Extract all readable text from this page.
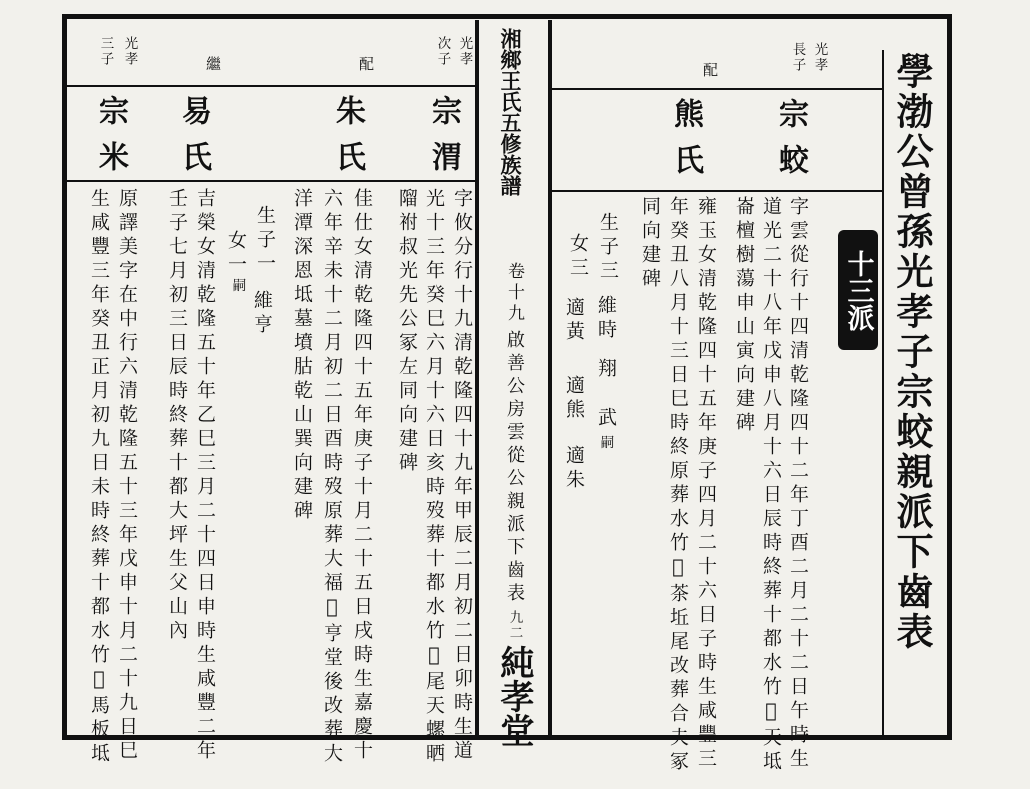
學渤公曾孫光孝子宗蛟親派下齒表
十三派
光孝
長子
宗蛟
字雲從行十四清乾隆四十二年丁酉二月二十二日午時生
道光二十八年戊申八月十六日辰時終葬十都水竹𪧫天坻
崙檀樹蕩申山寅向建碑
配
熊氏
雍玉女清乾隆四十五年庚子四月二十六日子時生咸豐三
年癸丑八月十三日巳時終原葬水竹𪧫茶坵尾改葬合夫冢
同向建碑
生子三
維時
翔
武
嗣
女三
適黃
適熊
適朱
湘鄉王氏五修族譜
卷十九
啟善公房雲從公親派下齒表
九二
純孝堂
光孝
次子
宗渭
字攸分行十九清乾隆四十九年甲辰二月初二日卯時生道
光十三年癸巳六月十六日亥時歿葬十都水竹𪧫尾天螺晒
𨻧祔叔光先公冢左同向建碑
配
朱氏
佳仕女清乾隆四十五年庚子十月二十五日戌時生嘉慶十
六年辛未十二月初二日酉時歿原葬大福𪧫亨堂後改葬大
洋潭深恩坻墓墳𦙶乾山巽向建碑
生子一
維亨
女一
嗣
繼
易氏
吉榮女清乾隆五十年乙巳三月二十四日申時生咸豐二年
壬子七月初三日辰時終葬十都大坪生父山內
光孝
三子
宗米
原譯美字在中行六清乾隆五十三年戊申十月二十九日巳
生咸豐三年癸丑正月初九日未時終葬十都水竹𪧫馬板坻
